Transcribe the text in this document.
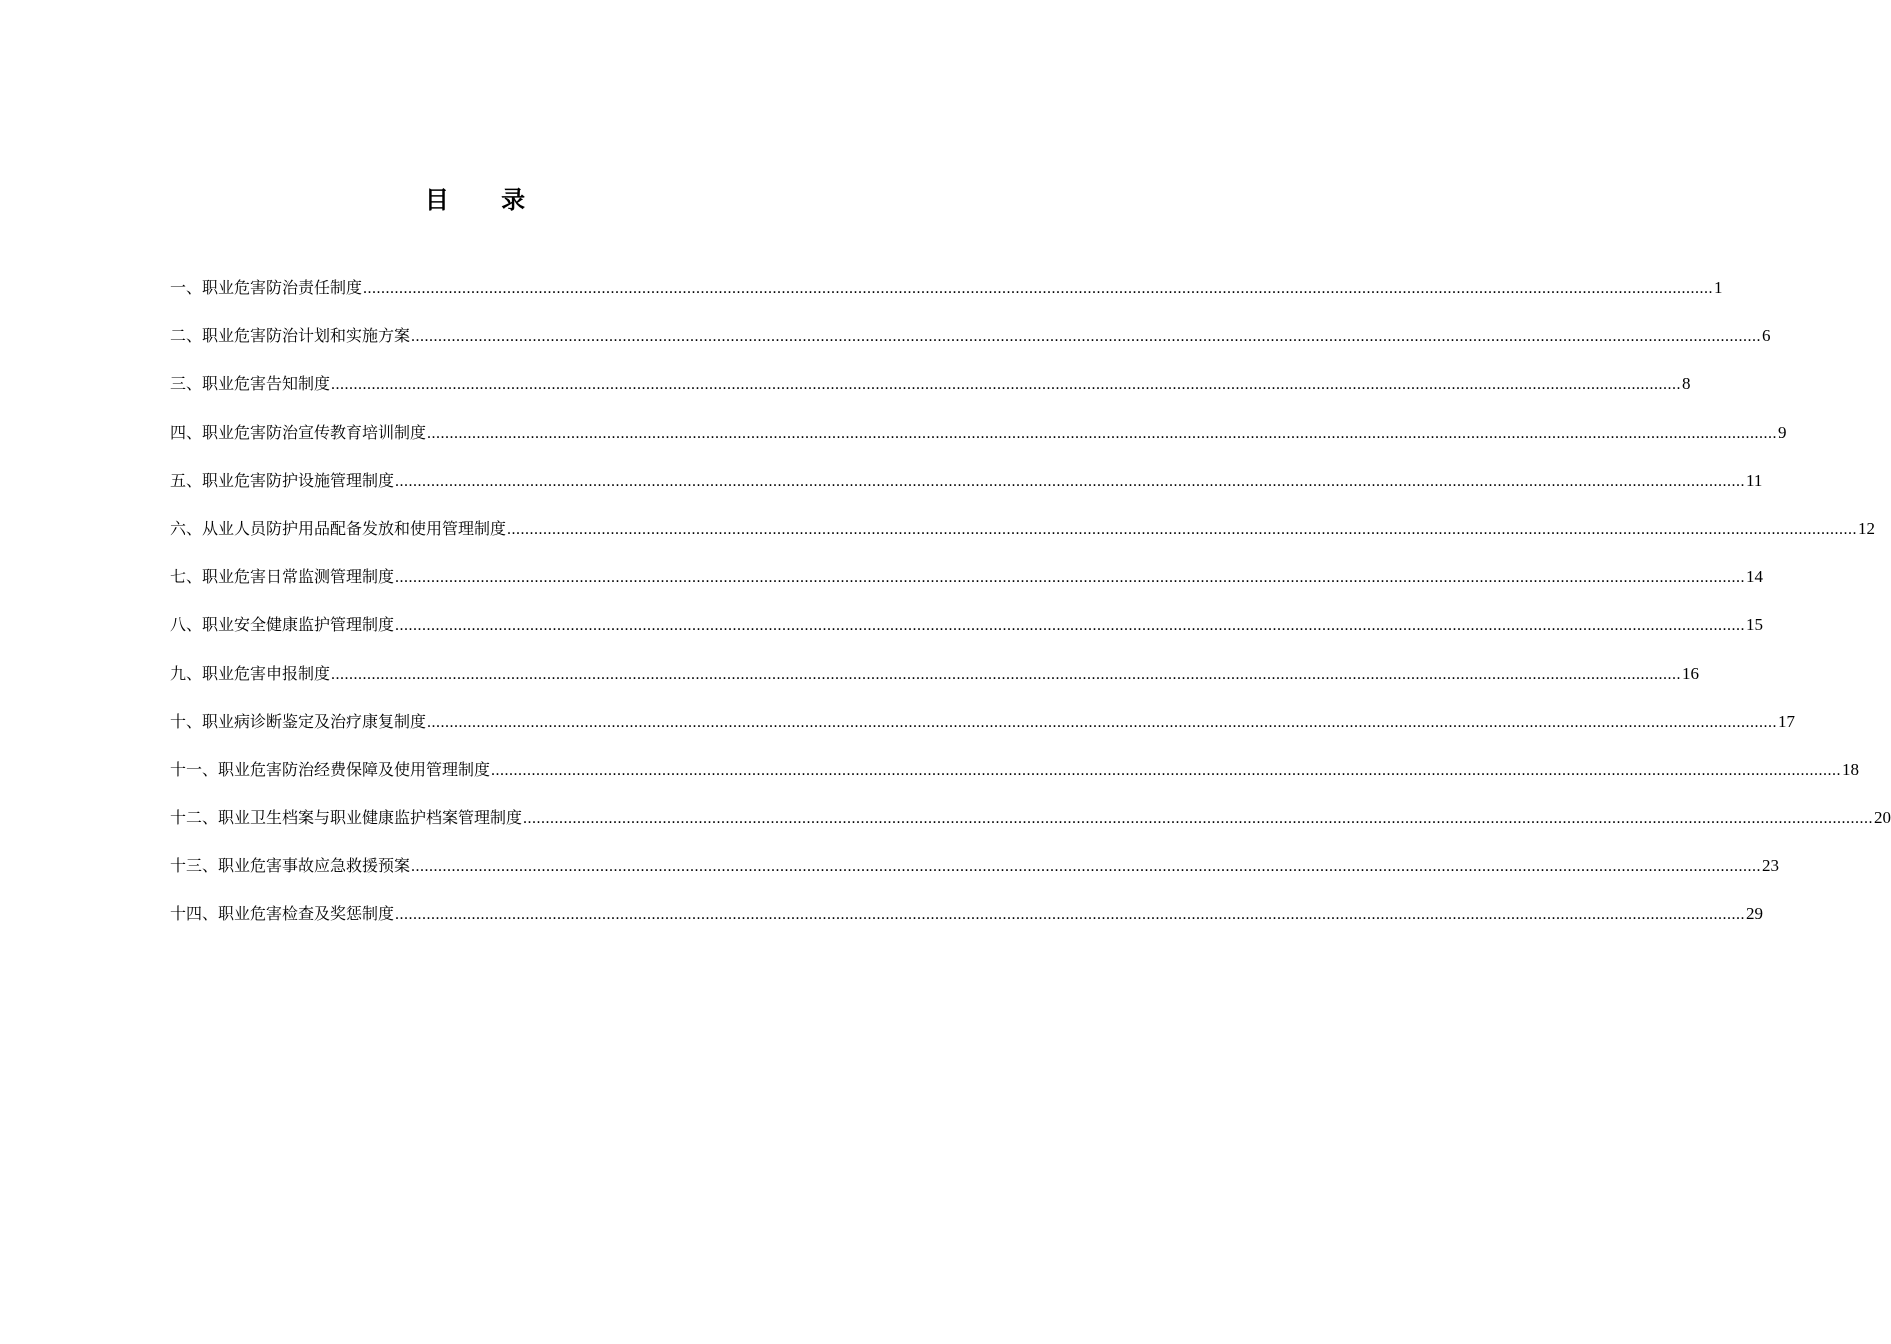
目 录
一、职业危害防治责任制度 ............................................................................................................................................................................................................................................................................................................ 1
二、职业危害防治计划和实施方案 ............................................................................................................................................................................................................................................................................................................ 6
三、职业危害告知制度 ............................................................................................................................................................................................................................................................................................................ 8
四、职业危害防治宣传教育培训制度 ............................................................................................................................................................................................................................................................................................................ 9
五、职业危害防护设施管理制度 ............................................................................................................................................................................................................................................................................................................ 11
六、从业人员防护用品配备发放和使用管理制度 ............................................................................................................................................................................................................................................................................................................ 12
七、职业危害日常监测管理制度 ............................................................................................................................................................................................................................................................................................................ 14
八、职业安全健康监护管理制度 ............................................................................................................................................................................................................................................................................................................ 15
九、职业危害申报制度 ............................................................................................................................................................................................................................................................................................................ 16
十、职业病诊断鉴定及治疗康复制度 ............................................................................................................................................................................................................................................................................................................ 17
十一、职业危害防治经费保障及使用管理制度 ............................................................................................................................................................................................................................................................................................................ 18
十二、职业卫生档案与职业健康监护档案管理制度 ............................................................................................................................................................................................................................................................................................................ 20
十三、职业危害事故应急救援预案 ............................................................................................................................................................................................................................................................................................................ 23
十四、职业危害检查及奖惩制度 ............................................................................................................................................................................................................................................................................................................ 29
